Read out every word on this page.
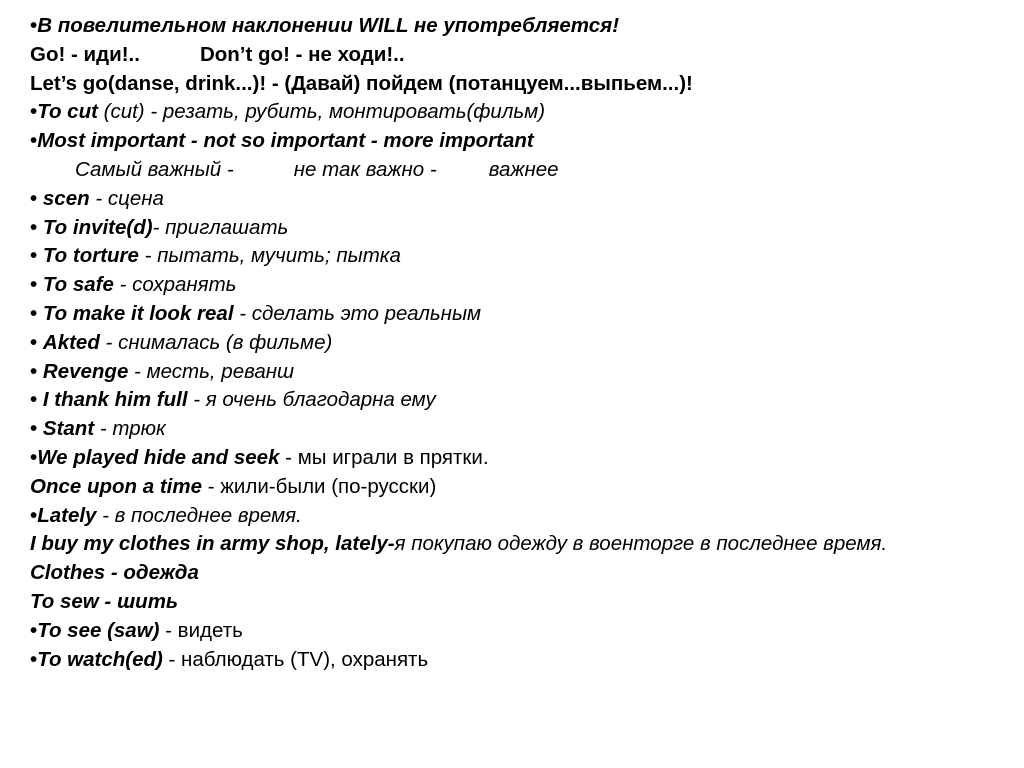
•В повелительном наклонении WILL не употребляется!
Go! - иди!..	Don’t go! - не ходи!..
Let’s go(danse, drink...)! - (Давай) пойдем (потанцуем...выпьем...)!
•To cut (cut) - резать, рубить, монтировать(фильм)
•Most important - not so important - more important
Самый важный -	не так важно -	важнее
• scen - сцена
• To invite(d)- приглашать
• To torture - пытать, мучить; пытка
• To safe - сохранять
• To make it look real - сделать это реальным
• Akted - снималась (в фильме)
• Revenge - месть, реванш
• I thank him full - я очень благодарна ему
• Stant - трюк
•We played hide and seek - мы играли в прятки.
Once upon a time - жили-были (по-русски)
•Lately - в последнее время.
I buy my clothes in army shop, lately-я покупаю одежду в военторге в последнее время.
Clothes - одежда
To sew - шить
•To see (saw) - видеть
•To watch(ed) - наблюдать (TV), охранять
